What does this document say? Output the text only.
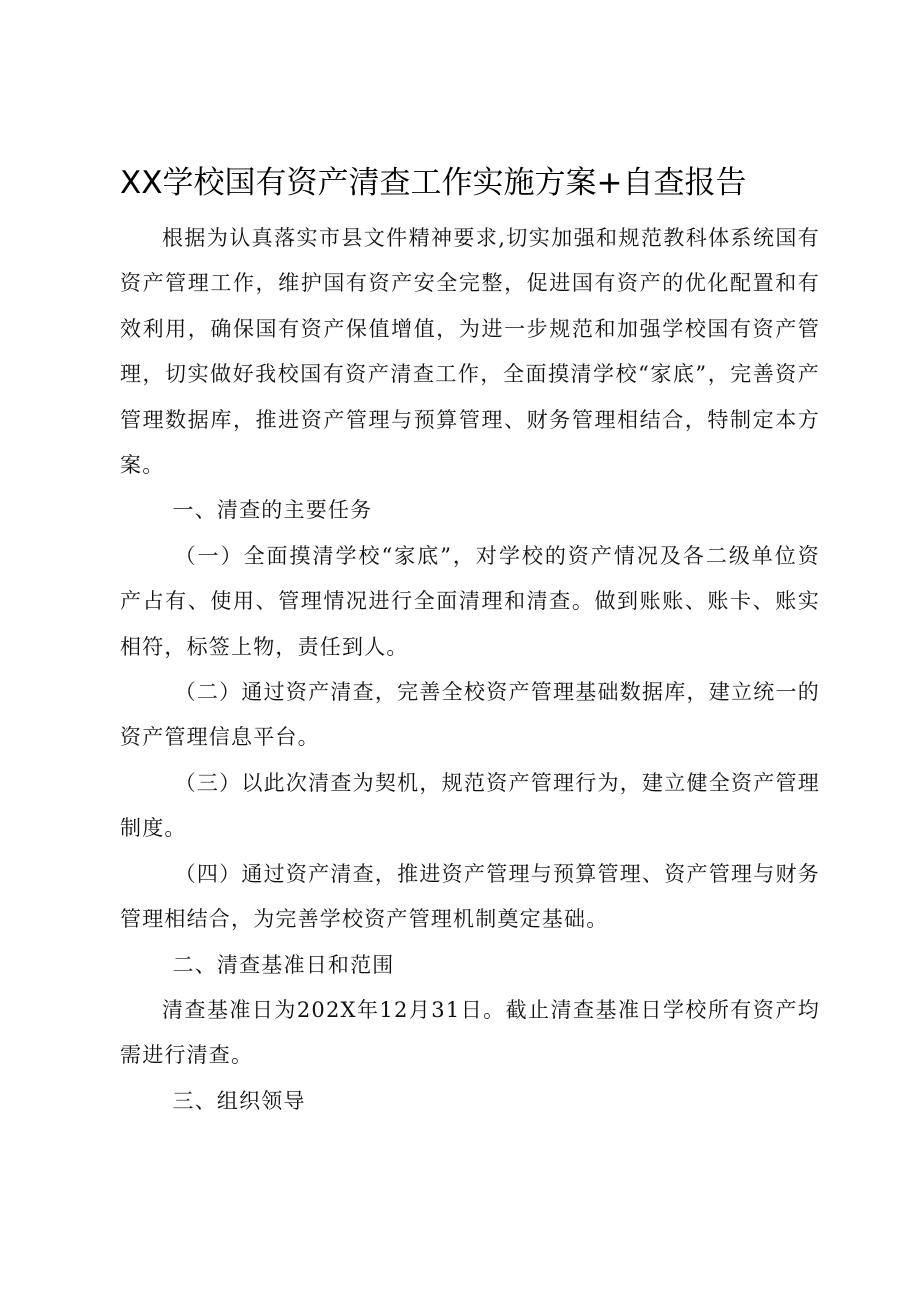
XX学校国有资产清查工作实施方案+自查报告

根据为认真落实市县文件精神要求,切实加强和规范教科体系统国有资产管理工作，维护国有资产安全完整，促进国有资产的优化配置和有效利用，确保国有资产保值增值，为进一步规范和加强学校国有资产管理，切实做好我校国有资产清查工作，全面摸清学校“家底”，完善资产管理数据库，推进资产管理与预算管理、财务管理相结合，特制定本方案。

一、清查的主要任务

（一）全面摸清学校“家底”，对学校的资产情况及各二级单位资产占有、使用、管理情况进行全面清理和清查。做到账账、账卡、账实相符，标签上物，责任到人。

（二）通过资产清查，完善全校资产管理基础数据库，建立统一的资产管理信息平台。

（三）以此次清查为契机，规范资产管理行为，建立健全资产管理制度。

（四）通过资产清查，推进资产管理与预算管理、资产管理与财务管理相结合，为完善学校资产管理机制奠定基础。

二、清查基准日和范围

清查基准日为202X年12月31日。截止清查基准日学校所有资产均需进行清查。

三、组织领导
